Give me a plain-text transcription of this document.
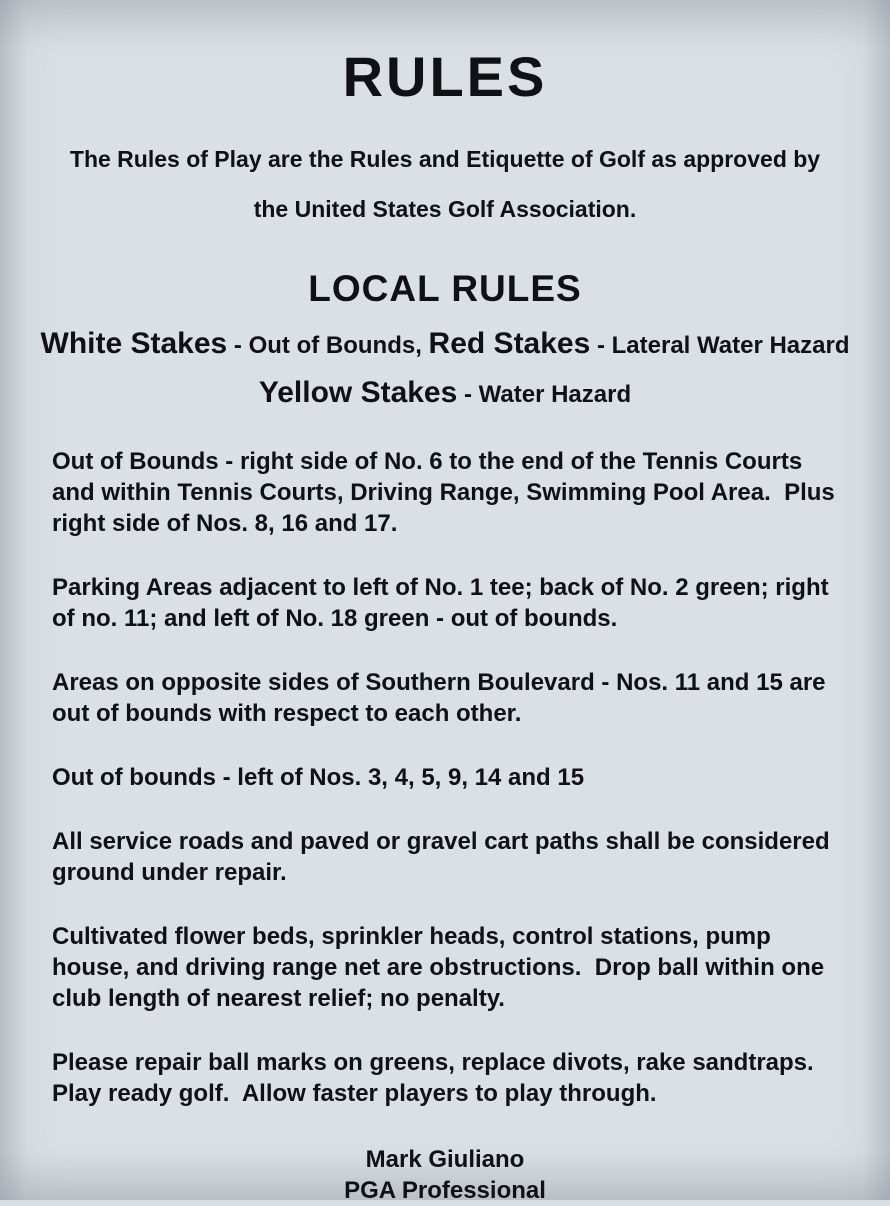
RULES
The Rules of Play are the Rules and Etiquette of Golf as approved by
the United States Golf Association.
LOCAL RULES
White Stakes - Out of Bounds, Red Stakes - Lateral Water Hazard
Yellow Stakes - Water Hazard

Out of Bounds - right side of No. 6 to the end of the Tennis Courts and within Tennis Courts, Driving Range, Swimming Pool Area.  Plus right side of Nos. 8, 16 and 17.

Parking Areas adjacent to left of No. 1 tee; back of No. 2 green; right of no. 11; and left of No. 18 green - out of bounds.

Areas on opposite sides of Southern Boulevard - Nos. 11 and 15 are out of bounds with respect to each other.

Out of bounds - left of Nos. 3, 4, 5, 9, 14 and 15

All service roads and paved or gravel cart paths shall be considered ground under repair.

Cultivated flower beds, sprinkler heads, control stations, pump house, and driving range net are obstructions.  Drop ball within one club length of nearest relief; no penalty.

Please repair ball marks on greens, replace divots, rake sandtraps.  Play ready golf.  Allow faster players to play through.

Mark Giuliano
PGA Professional
